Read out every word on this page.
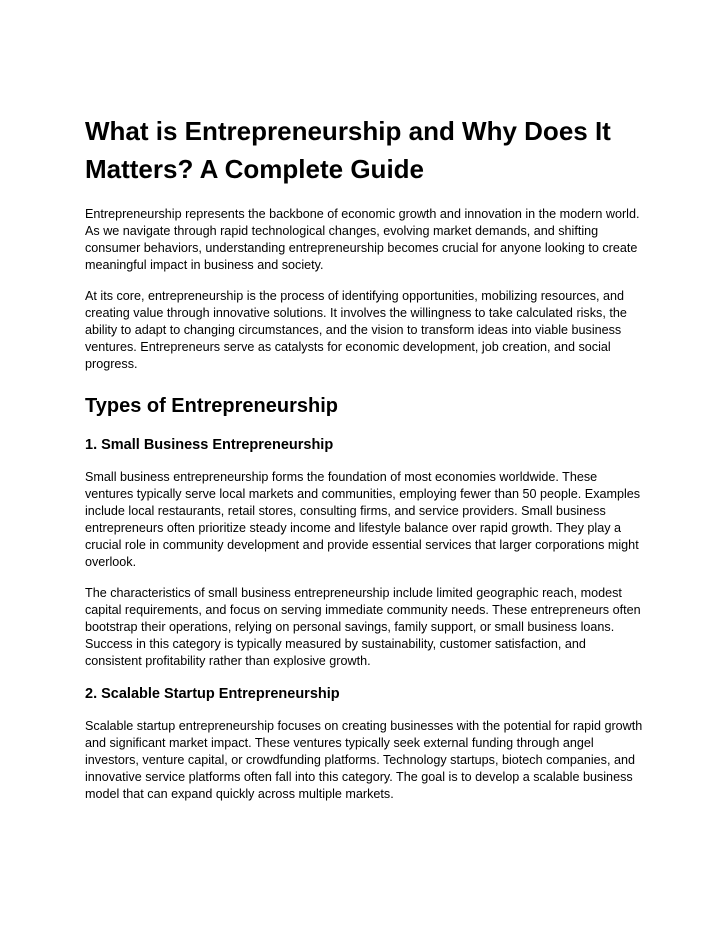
What is Entrepreneurship and Why Does It Matters? A Complete Guide

Entrepreneurship represents the backbone of economic growth and innovation in the modern world. As we navigate through rapid technological changes, evolving market demands, and shifting consumer behaviors, understanding entrepreneurship becomes crucial for anyone looking to create meaningful impact in business and society.

At its core, entrepreneurship is the process of identifying opportunities, mobilizing resources, and creating value through innovative solutions. It involves the willingness to take calculated risks, the ability to adapt to changing circumstances, and the vision to transform ideas into viable business ventures. Entrepreneurs serve as catalysts for economic development, job creation, and social progress.

Types of Entrepreneurship
1. Small Business Entrepreneurship

Small business entrepreneurship forms the foundation of most economies worldwide. These ventures typically serve local markets and communities, employing fewer than 50 people. Examples include local restaurants, retail stores, consulting firms, and service providers. Small business entrepreneurs often prioritize steady income and lifestyle balance over rapid growth. They play a crucial role in community development and provide essential services that larger corporations might overlook.

The characteristics of small business entrepreneurship include limited geographic reach, modest capital requirements, and focus on serving immediate community needs. These entrepreneurs often bootstrap their operations, relying on personal savings, family support, or small business loans. Success in this category is typically measured by sustainability, customer satisfaction, and consistent profitability rather than explosive growth.

2. Scalable Startup Entrepreneurship

Scalable startup entrepreneurship focuses on creating businesses with the potential for rapid growth and significant market impact. These ventures typically seek external funding through angel investors, venture capital, or crowdfunding platforms. Technology startups, biotech companies, and innovative service platforms often fall into this category. The goal is to develop a scalable business model that can expand quickly across multiple markets.
